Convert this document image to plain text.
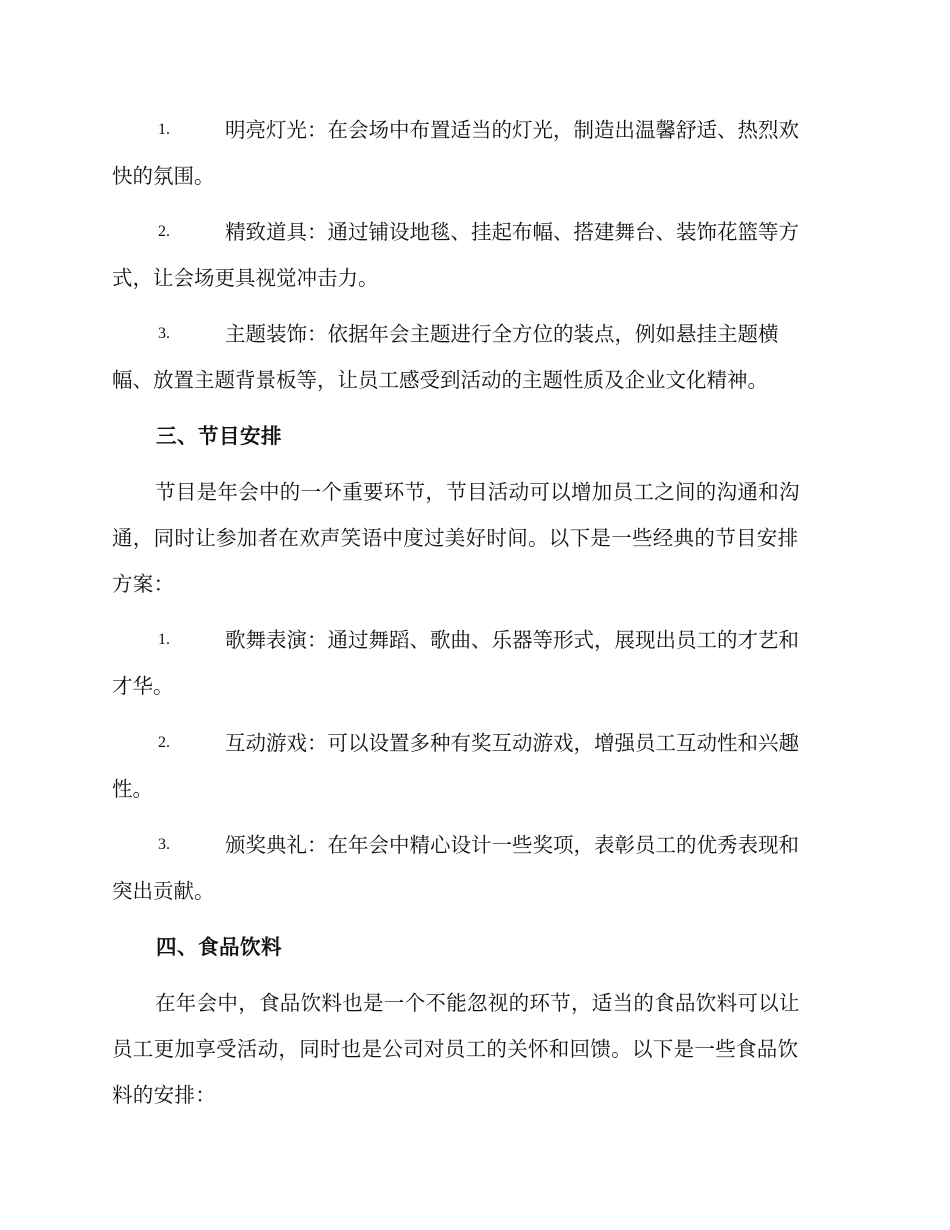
1.	明亮灯光：在会场中布置适当的灯光，制造出温馨舒适、热烈欢
快的氛围。
2.	精致道具：通过铺设地毯、挂起布幅、搭建舞台、装饰花篮等方
式，让会场更具视觉冲击力。
3.	主题装饰：依据年会主题进行全方位的装点，例如悬挂主题横
幅、放置主题背景板等，让员工感受到活动的主题性质及企业文化精神。
三、节目安排
节目是年会中的一个重要环节，节目活动可以增加员工之间的沟通和沟
通，同时让参加者在欢声笑语中度过美好时间。以下是一些经典的节目安排
方案：
1.	歌舞表演：通过舞蹈、歌曲、乐器等形式，展现出员工的才艺和
才华。
2.	互动游戏：可以设置多种有奖互动游戏，增强员工互动性和兴趣
性。
3.	颁奖典礼：在年会中精心设计一些奖项，表彰员工的优秀表现和
突出贡献。
四、食品饮料
在年会中，食品饮料也是一个不能忽视的环节，适当的食品饮料可以让
员工更加享受活动，同时也是公司对员工的关怀和回馈。以下是一些食品饮
料的安排：
